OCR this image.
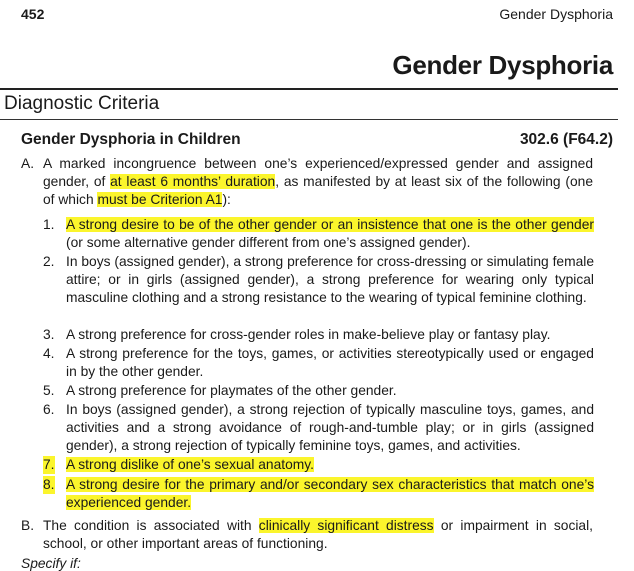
452	Gender Dysphoria
Gender Dysphoria
Diagnostic Criteria
Gender Dysphoria in Children	302.6 (F64.2)
A. A marked incongruence between one’s experienced/expressed gender and assigned gender, of at least 6 months’ duration, as manifested by at least six of the following (one of which must be Criterion A1):
1. A strong desire to be of the other gender or an insistence that one is the other gender (or some alternative gender different from one’s assigned gender).
2. In boys (assigned gender), a strong preference for cross-dressing or simulating female attire; or in girls (assigned gender), a strong preference for wearing only typical masculine clothing and a strong resistance to the wearing of typical feminine clothing.
3. A strong preference for cross-gender roles in make-believe play or fantasy play.
4. A strong preference for the toys, games, or activities stereotypically used or engaged in by the other gender.
5. A strong preference for playmates of the other gender.
6. In boys (assigned gender), a strong rejection of typically masculine toys, games, and activities and a strong avoidance of rough-and-tumble play; or in girls (assigned gender), a strong rejection of typically feminine toys, games, and activities.
7. A strong dislike of one’s sexual anatomy.
8. A strong desire for the primary and/or secondary sex characteristics that match one’s experienced gender.
B. The condition is associated with clinically significant distress or impairment in social, school, or other important areas of functioning.
Specify if:
